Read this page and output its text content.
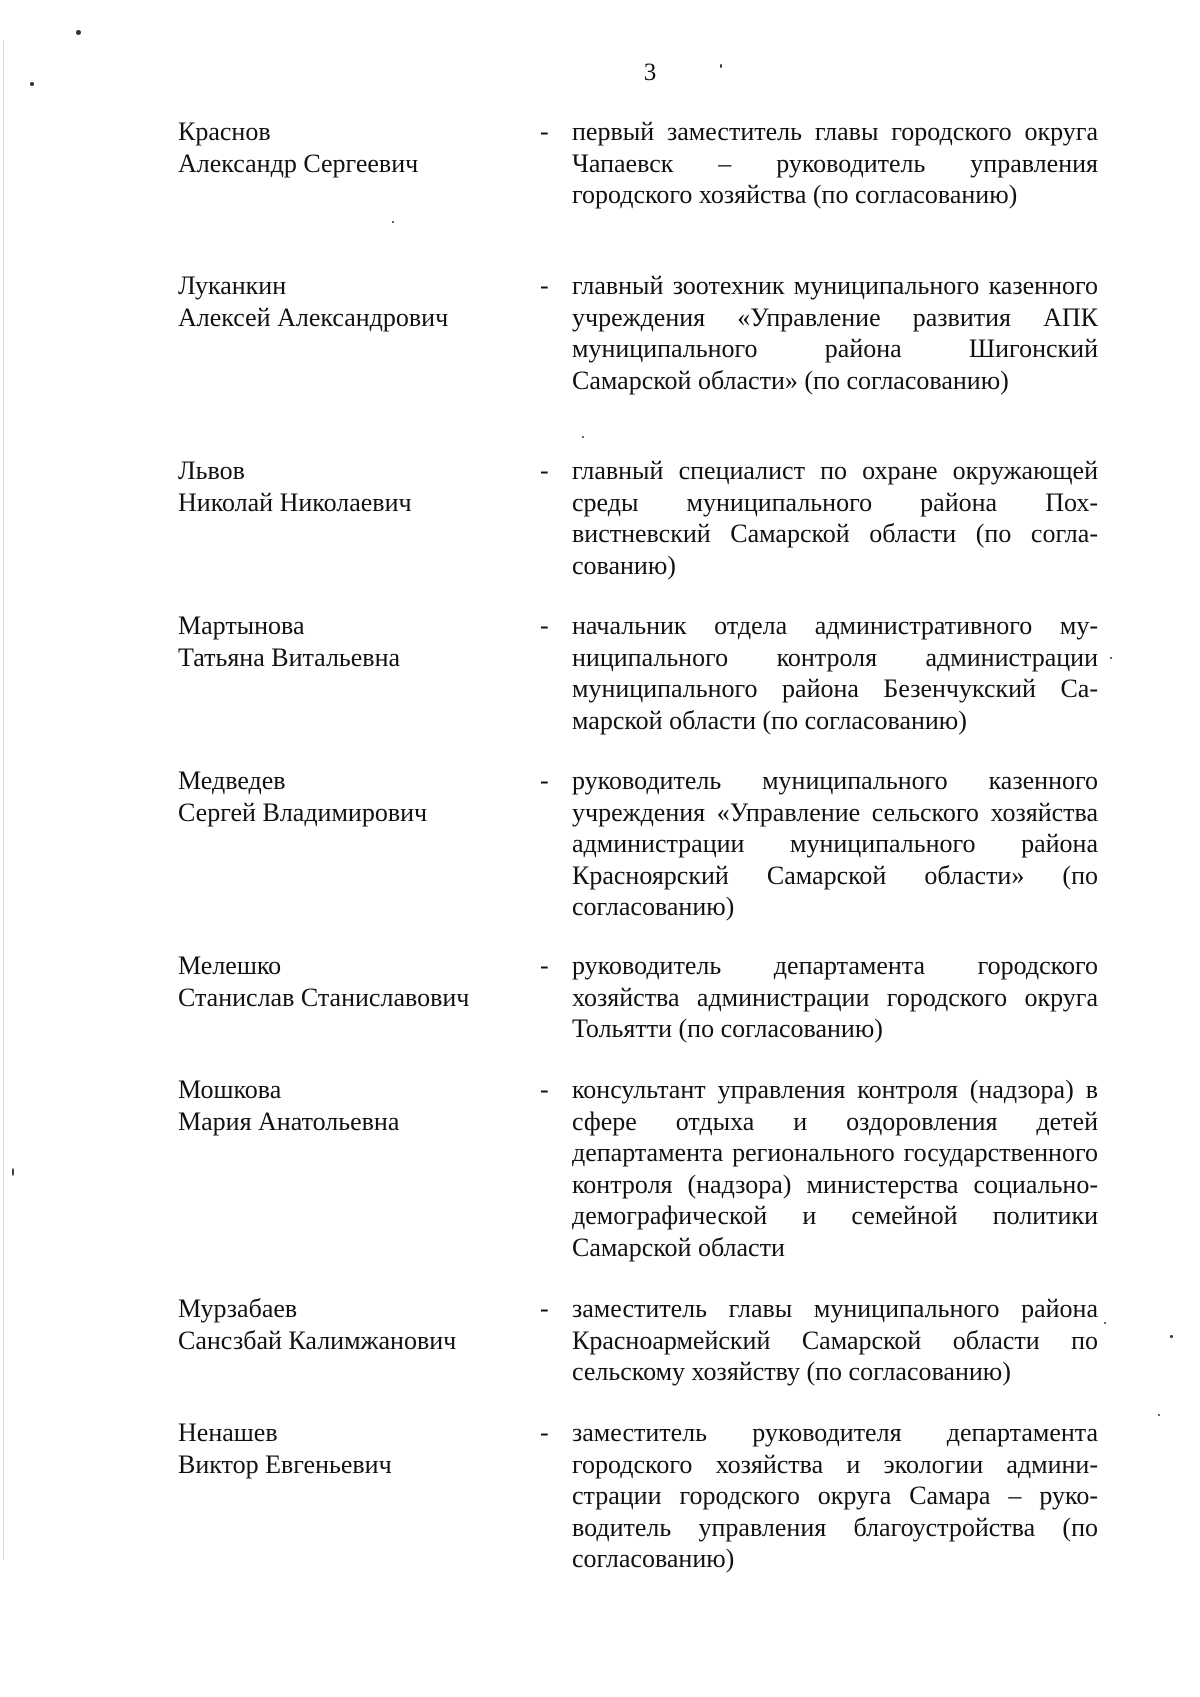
3

Краснов
Александр Сергеевич

- первый заместитель главы городского округа Чапаевск – руководитель управления городского хозяйства (по согласованию)

Луканкин
Алексей Александрович

- главный зоотехник муниципального казенного учреждения «Управление развития АПК муниципального района Шигонский Самарской области» (по согласованию)

Львов
Николай Николаевич

- главный специалист по охране окружающей среды муниципального района Похвистневский Самарской области (по согласованию)

Мартынова
Татьяна Витальевна

- начальник отдела административного муниципального контроля администрации муниципального района Безенчукский Самарской области (по согласованию)

Медведев
Сергей Владимирович

- руководитель муниципального казенного учреждения «Управление сельского хозяйства администрации муниципального района Красноярский Самарской области» (по согласованию)

Мелешко
Станислав Станиславович

- руководитель департамента городского хозяйства администрации городского округа Тольятти (по согласованию)

Мошкова
Мария Анатольевна

- консультант управления контроля (надзора) в сфере отдыха и оздоровления детей департамента регионального государственного контроля (надзора) министерства социально-демографической и семейной политики Самарской области

Мурзабаев
Сансзбай Калимжанович

- заместитель главы муниципального района Красноармейский Самарской области по сельскому хозяйству (по согласованию)

Ненашев
Виктор Евгеньевич

- заместитель руководителя департамента городского хозяйства и экологии администрации городского округа Самара – руководитель управления благоустройства (по согласованию)
